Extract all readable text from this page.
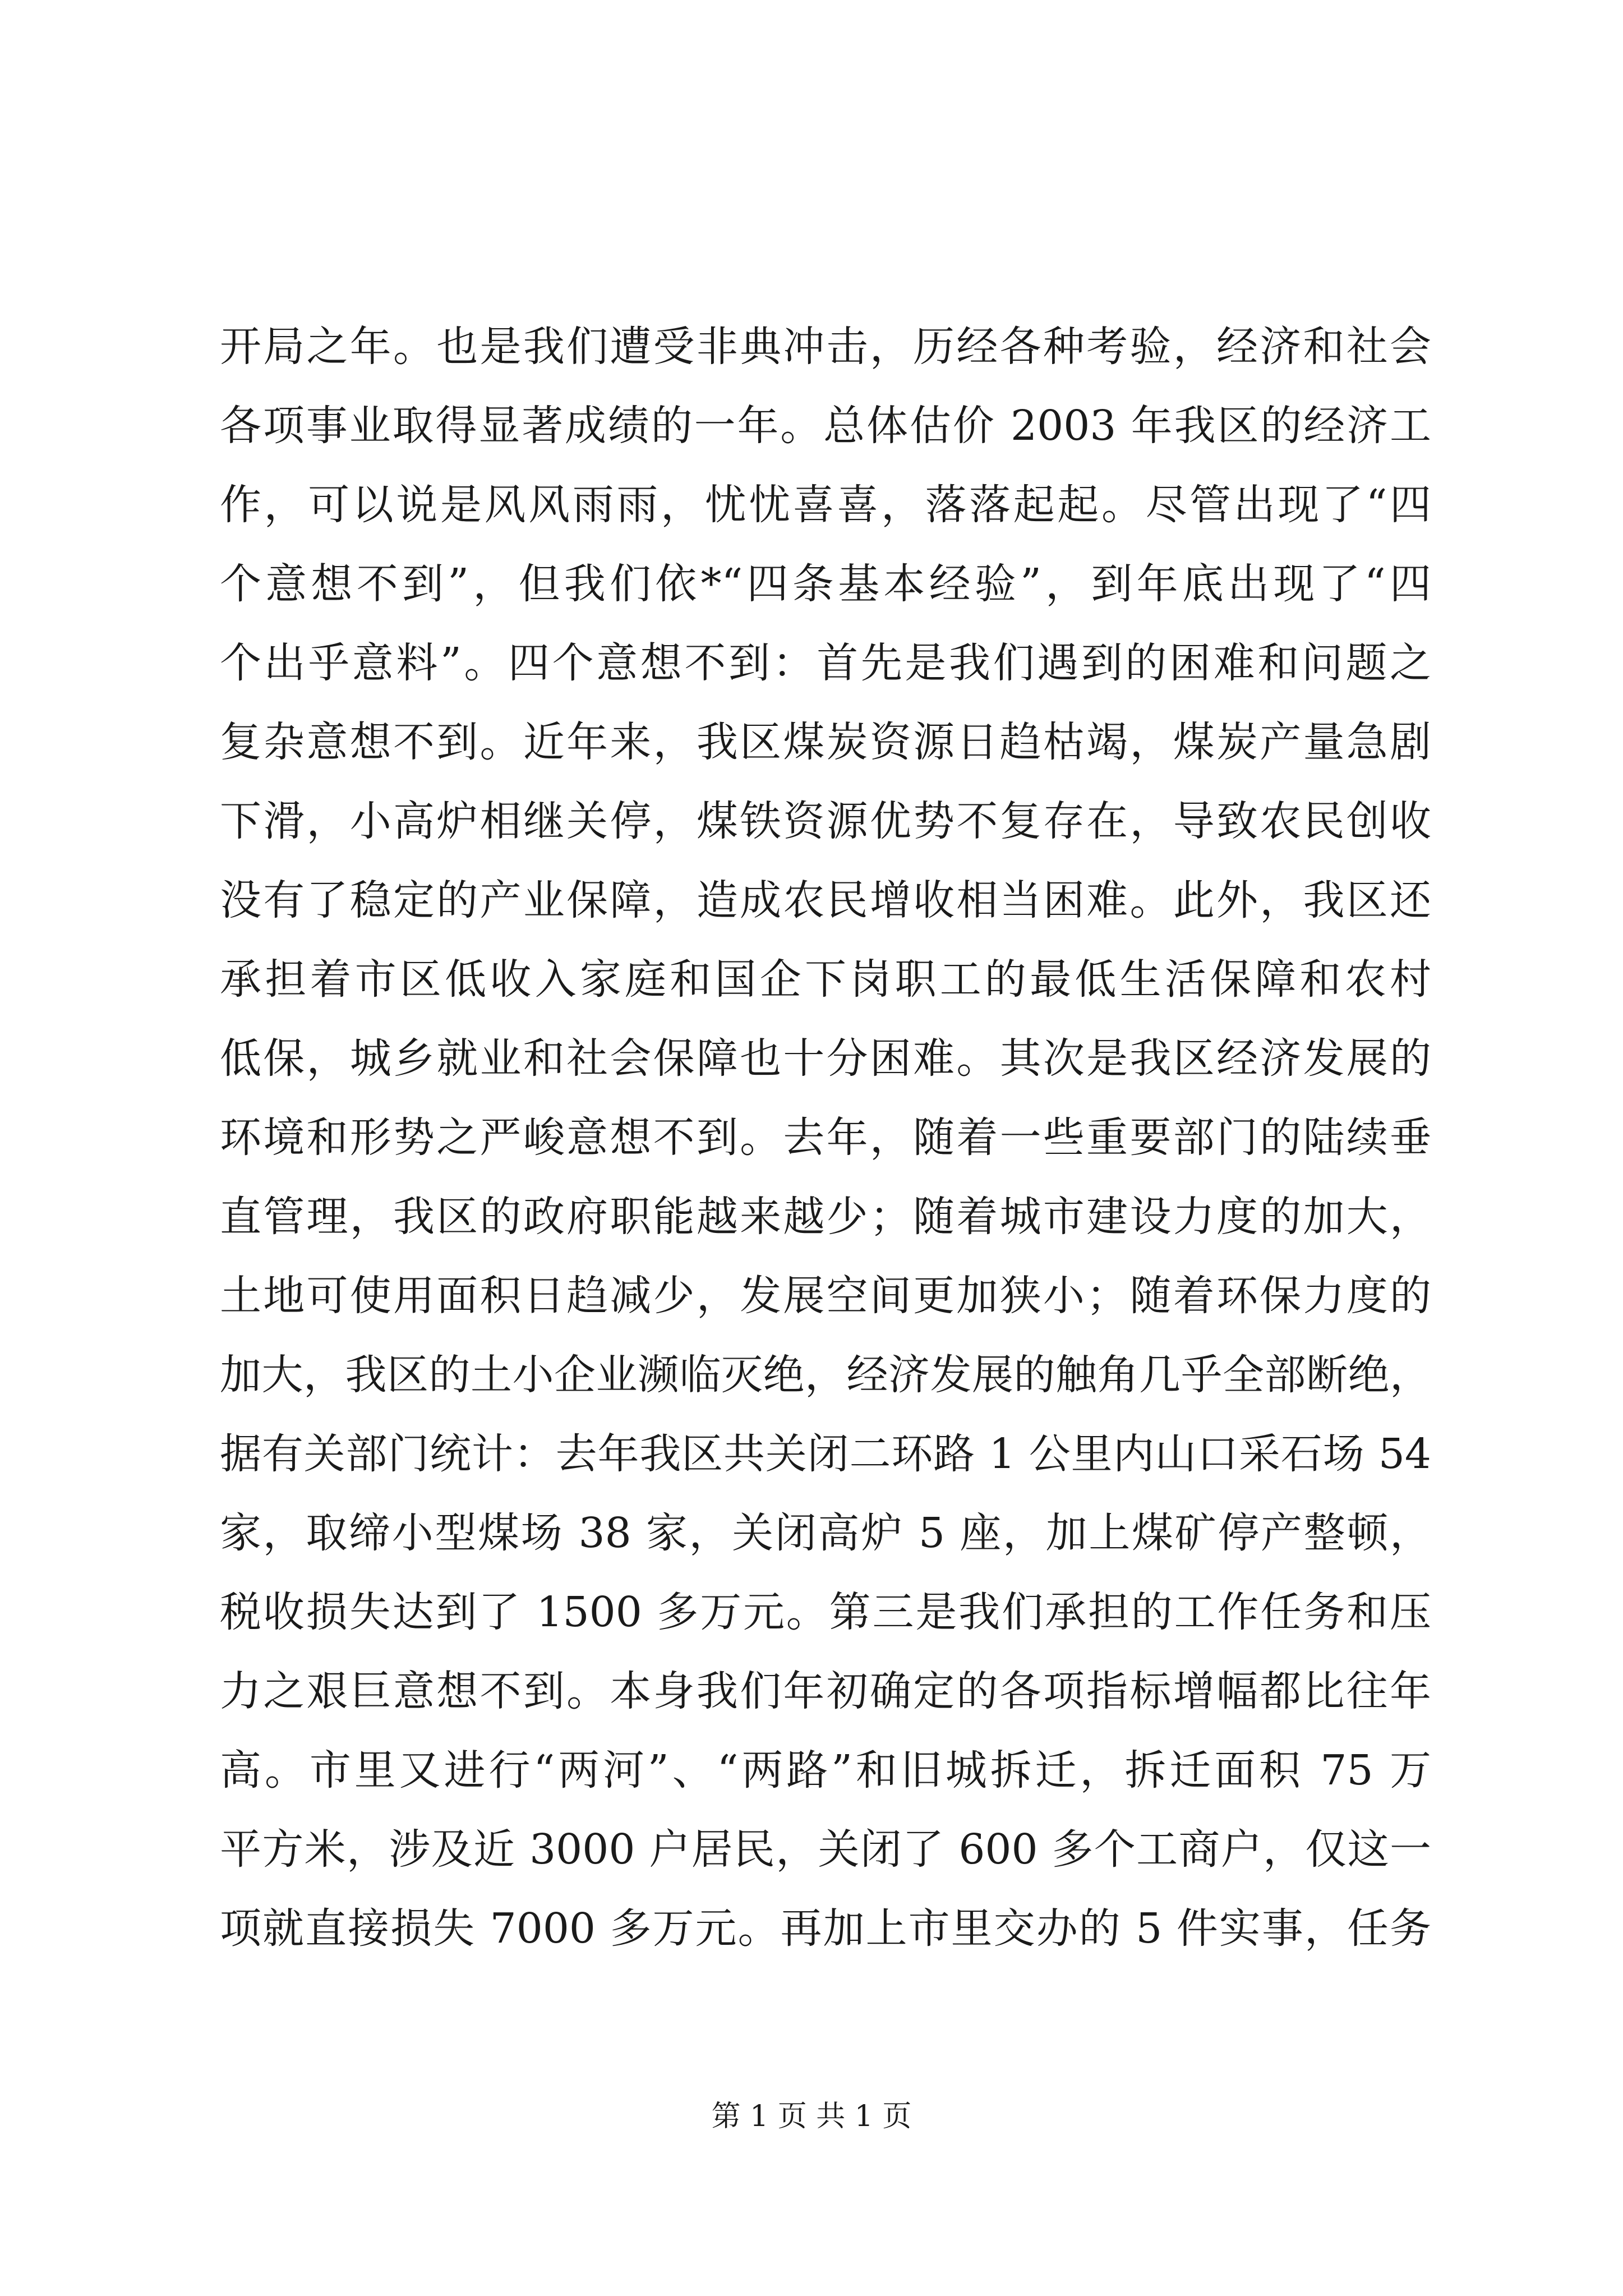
开局之年。也是我们遭受非典冲击，历经各种考验，经济和社会
各项事业取得显著成绩的一年。总体估价 2003 年我区的经济工
作，可以说是风风雨雨，忧忧喜喜，落落起起。尽管出现了“四
个意想不到”，但我们依*“四条基本经验”，到年底出现了“四
个出乎意料”。四个意想不到：首先是我们遇到的困难和问题之
复杂意想不到。近年来，我区煤炭资源日趋枯竭，煤炭产量急剧
下滑，小高炉相继关停，煤铁资源优势不复存在，导致农民创收
没有了稳定的产业保障，造成农民增收相当困难。此外，我区还
承担着市区低收入家庭和国企下岗职工的最低生活保障和农村
低保，城乡就业和社会保障也十分困难。其次是我区经济发展的
环境和形势之严峻意想不到。去年，随着一些重要部门的陆续垂
直管理，我区的政府职能越来越少；随着城市建设力度的加大，
土地可使用面积日趋减少，发展空间更加狭小；随着环保力度的
加大，我区的土小企业濒临灭绝，经济发展的触角几乎全部断绝，
据有关部门统计：去年我区共关闭二环路 1 公里内山口采石场 54
家，取缔小型煤场 38 家，关闭高炉 5 座，加上煤矿停产整顿，
税收损失达到了 1500 多万元。第三是我们承担的工作任务和压
力之艰巨意想不到。本身我们年初确定的各项指标增幅都比往年
高。市里又进行“两河”、“两路”和旧城拆迁，拆迁面积 75 万
平方米，涉及近 3000 户居民，关闭了 600 多个工商户，仅这一
项就直接损失 7000 多万元。再加上市里交办的 5 件实事，任务
第 1 页 共 1 页
